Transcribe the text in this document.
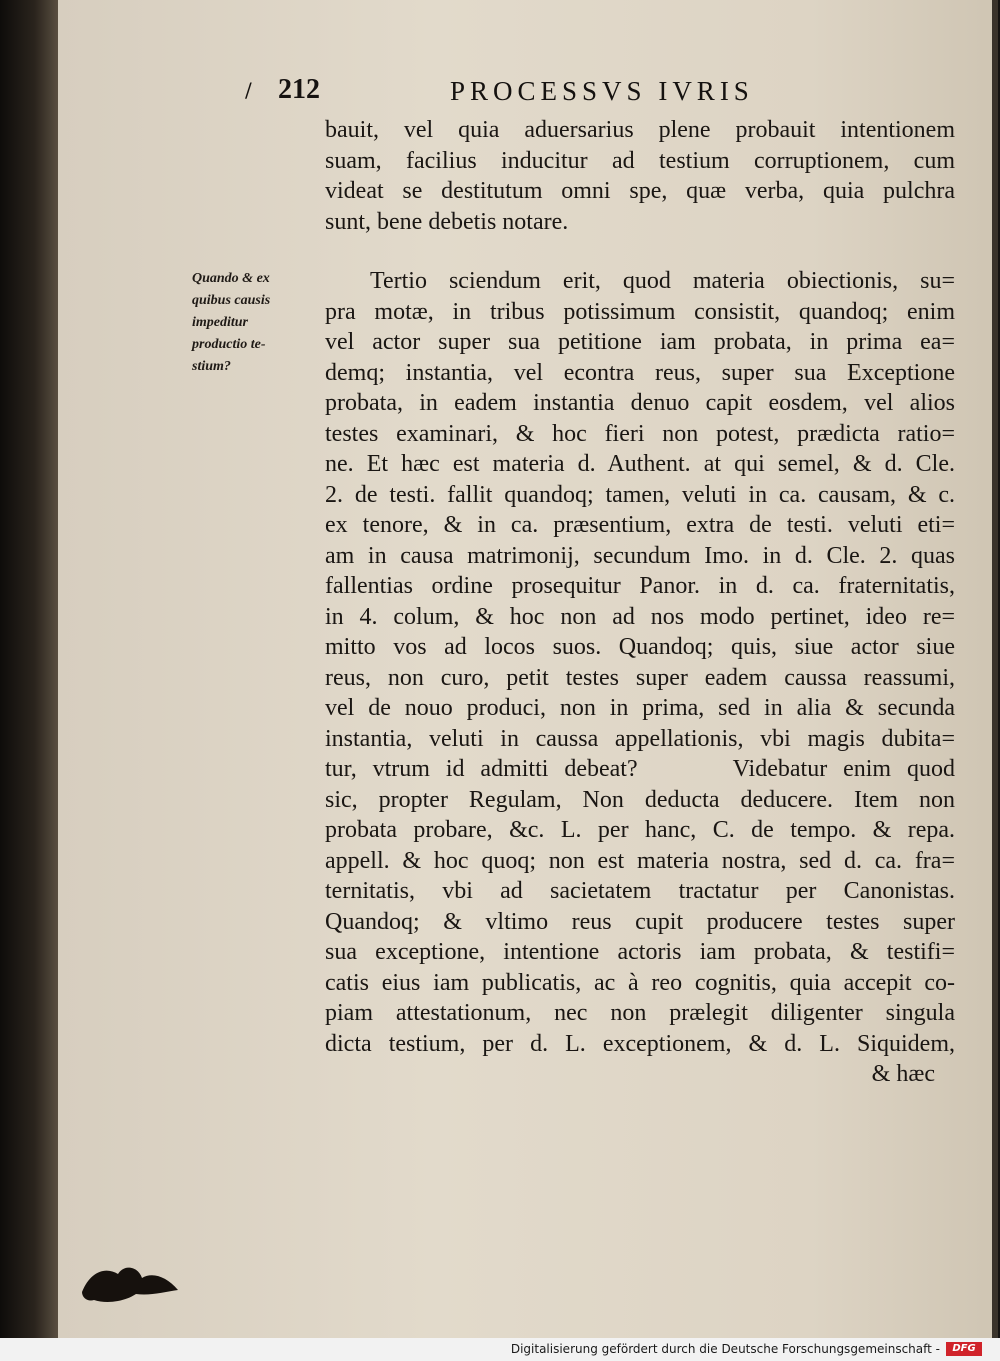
/ 212	PROCESSVS IVRIS
Quando & ex
quibus causis
impeditur
productio te-
stium?
bauit, vel quia aduersarius plene probauit intentionem
suam, facilius inducitur ad testium corruptionem, cum
videat se destitutum omni spe, quæ verba, quia pulchra
sunt, bene debetis notare.
Tertio sciendum erit, quod materia obiectionis, su=
pra motæ, in tribus potissimum consistit, quandoq; enim
vel actor super sua petitione iam probata, in prima ea=
demq; instantia, vel econtra reus, super sua Exceptione
probata, in eadem instantia denuo capit eosdem, vel alios
testes examinari, & hoc fieri non potest, prædicta ratio=
ne. Et hæc est materia d. Authent. at qui semel, & d. Cle.
2. de testi. fallit quandoq; tamen, veluti in ca. causam, & c.
ex tenore, & in ca. præsentium, extra de testi. veluti eti=
am in causa matrimonij, secundum Imo. in d. Cle. 2. quas
fallentias ordine prosequitur Panor. in d. ca. fraternitatis,
in 4. colum, & hoc non ad nos modo pertinet, ideo re=
mitto vos ad locos suos. Quandoq; quis, siue actor siue
reus, non curo, petit testes super eadem caussa reassumi,
vel de nouo produci, non in prima, sed in alia & secunda
instantia, veluti in caussa appellationis, vbi magis dubita=
tur, vtrum id admitti debeat?      Videbatur enim quod
sic, propter Regulam, Non deducta deducere. Item non
probata probare, &c. L. per hanc, C. de tempo. & repa.
appell. & hoc quoq; non est materia nostra, sed d. ca. fra=
ternitatis, vbi ad sacietatem tractatur per Canonistas.
Quandoq; & vltimo reus cupit producere testes super
sua exceptione, intentione actoris iam probata, & testifi=
catis eius iam publicatis, ac à reo cognitis, quia accepit co-
piam attestationum, nec non prælegit diligenter singula
dicta testium, per d. L. exceptionem, & d. L. Siquidem,
& hæc
Digitalisierung gefördert durch die Deutsche Forschungsgemeinschaft -	DFG
